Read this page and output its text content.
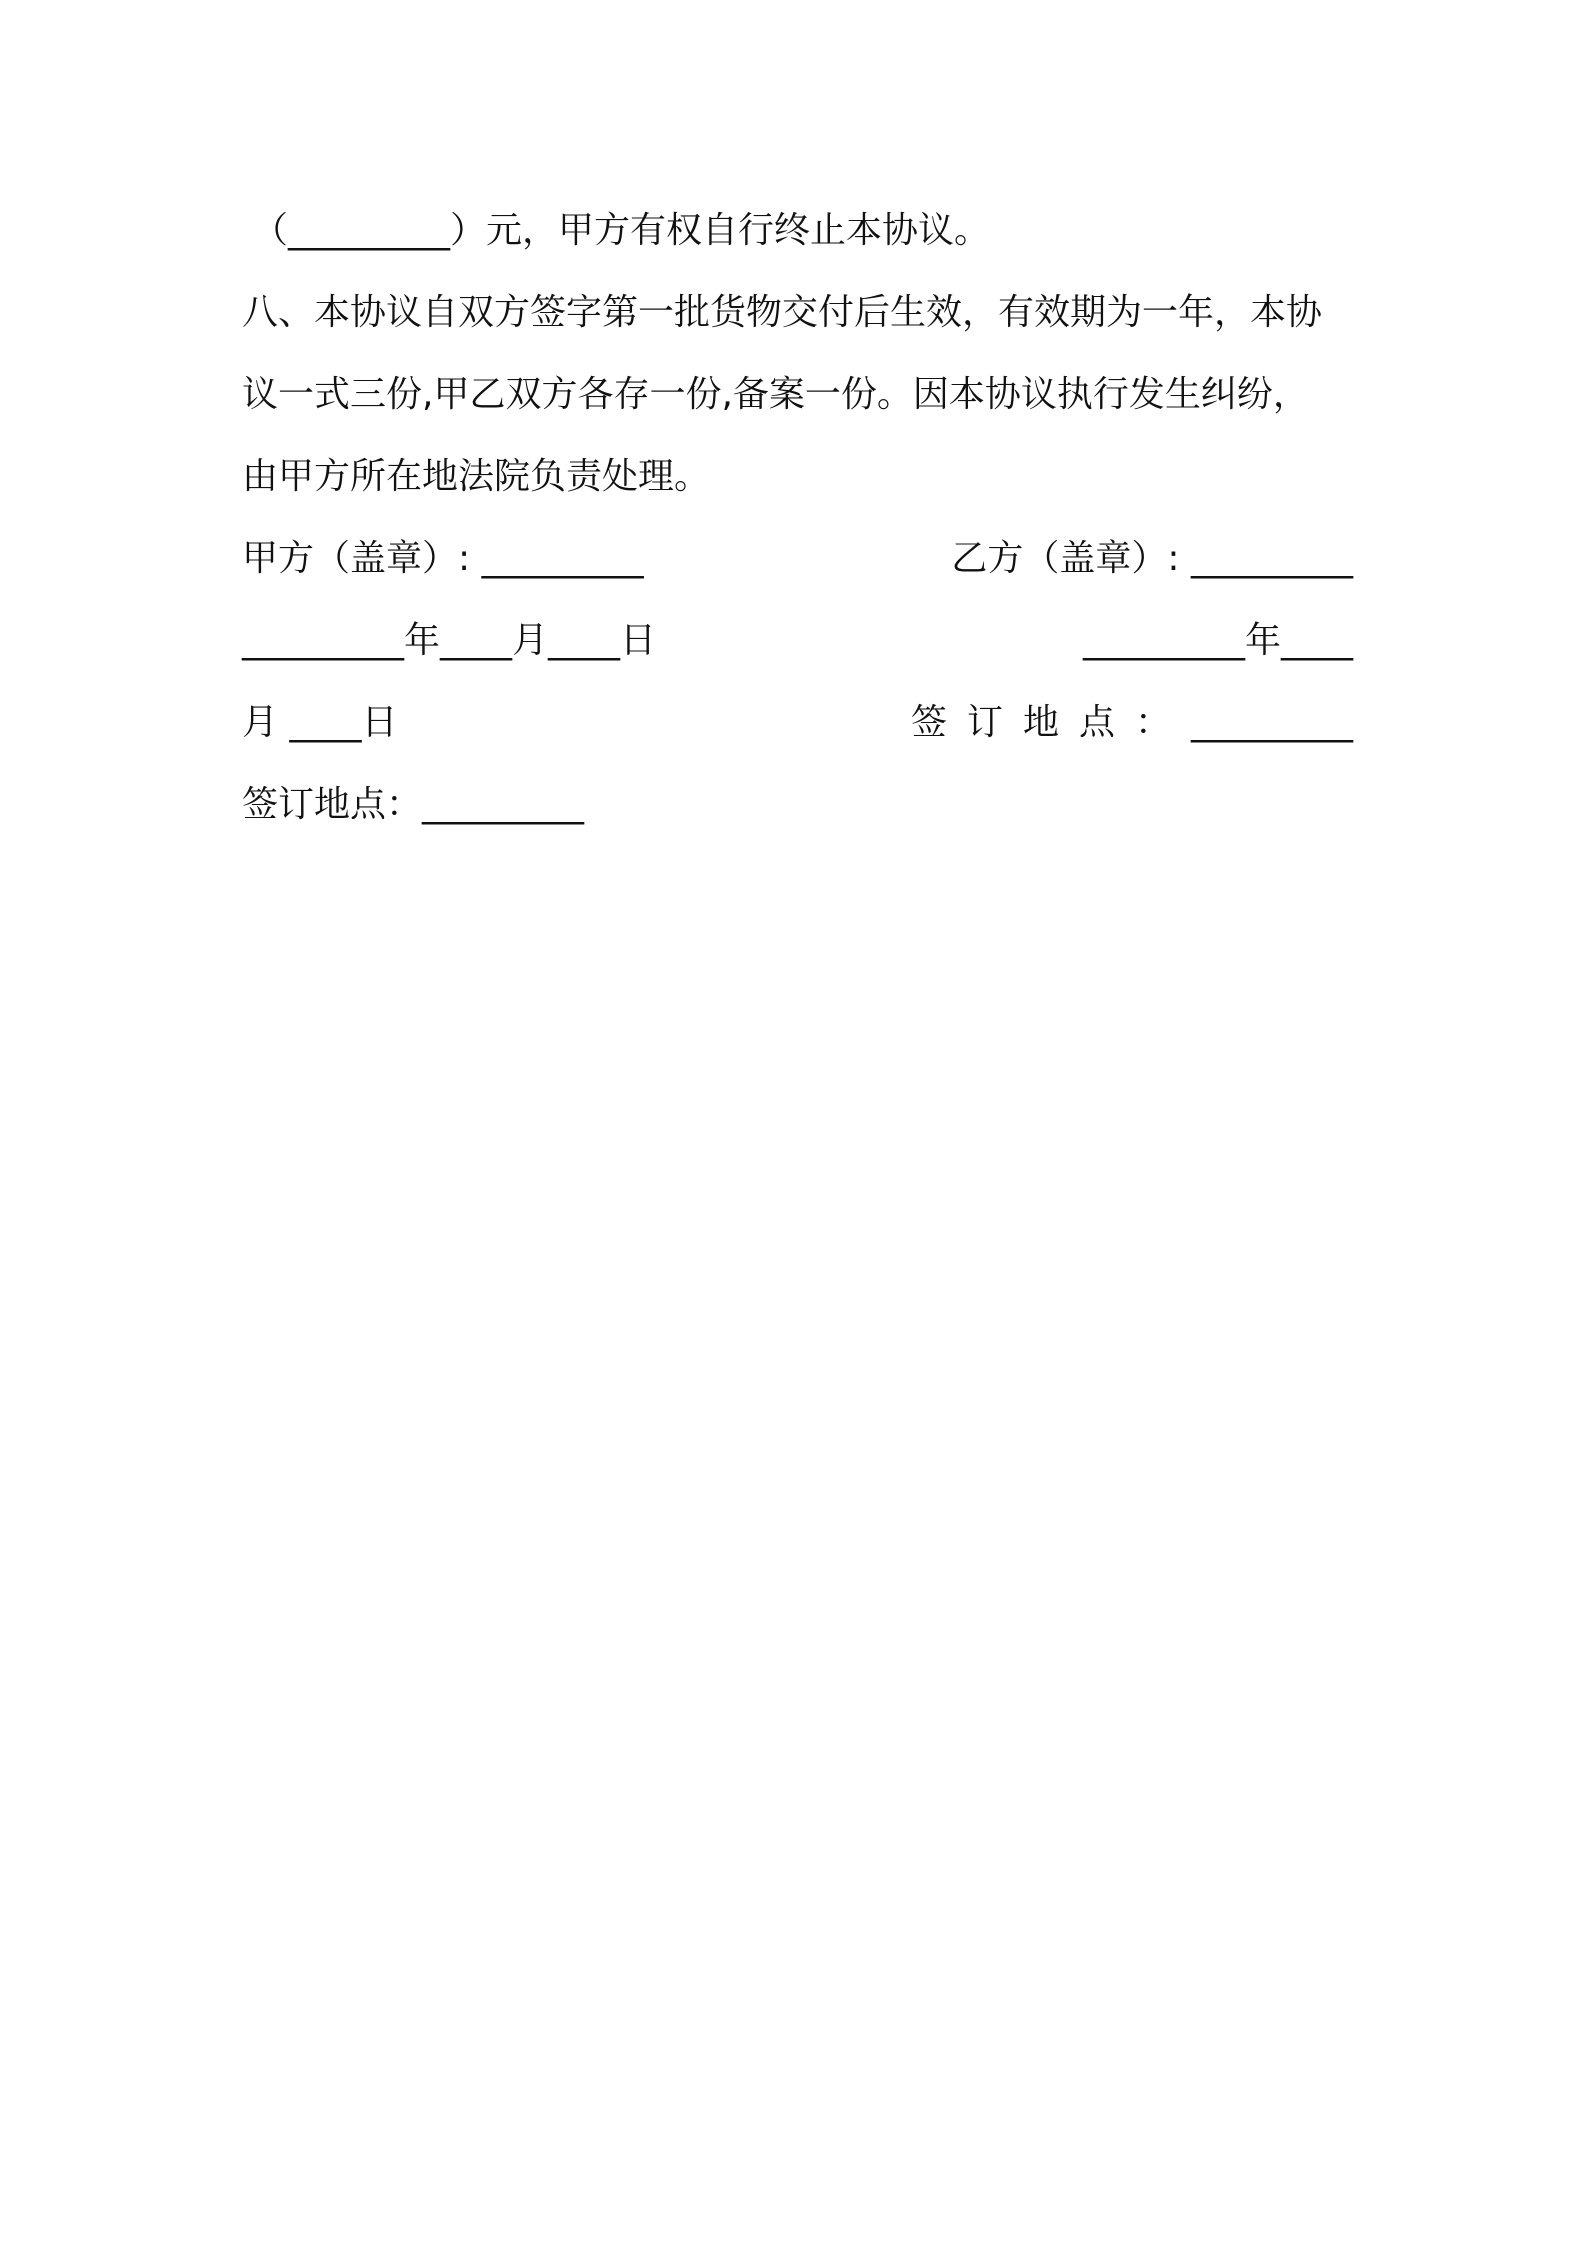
（_________）元，甲方有权自行终止本协议。

八、本协议自双方签字第一批货物交付后生效，有效期为一年，本协

议一式三份,甲乙双方各存一份,备案一份。因本协议执行发生纠纷，

由甲方所在地法院负责处理。

甲方（盖章）: _________	乙方（盖章）: _________

_________年____月____日	_________年____

月 ____日	签订地点：_________

签订地点：_________
